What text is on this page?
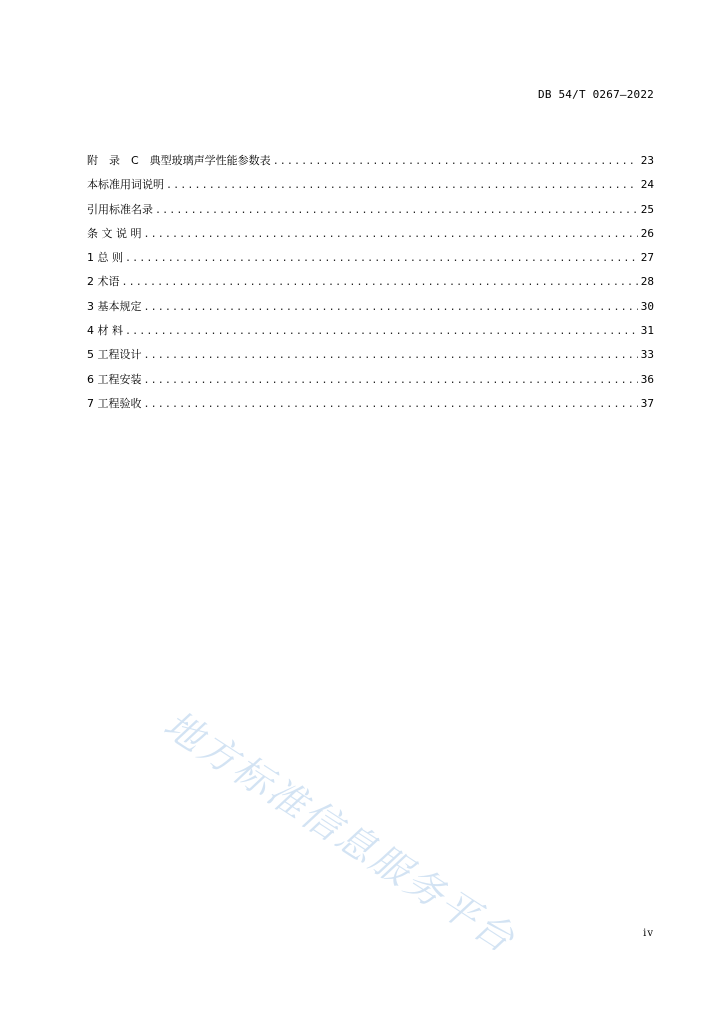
DB 54/T 0267—2022
附　录　C　典型玻璃声学性能参数表 .....	23
本标准用词说明 .....	24
引用标准名录 .....	25
条 文 说 明 .....	26
1 总 则 .....	27
2 术语 .....	28
3 基本规定 .....	30
4 材 料 .....	31
5 工程设计 .....	33
6 工程安装 .....	36
7 工程验收 .....	37
地方标准信息服务平台	iv
